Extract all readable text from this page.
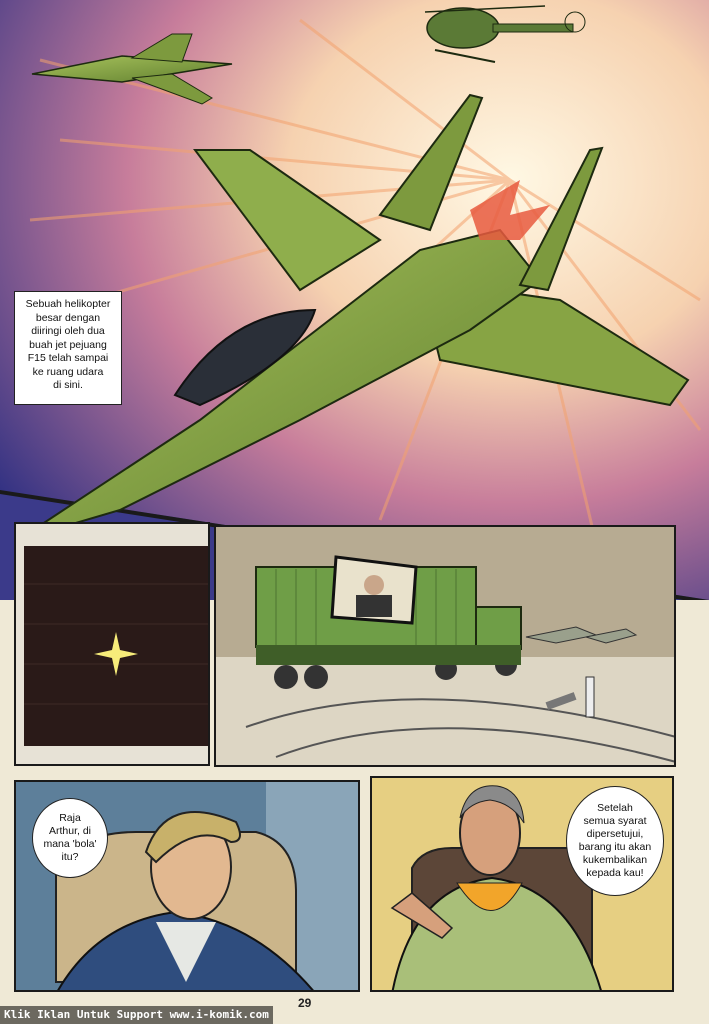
Sebuah helikopter
besar dengan
diiringi oleh dua
buah jet pejuang
F15 telah sampai
ke ruang udara
di sini.
Raja
Arthur, di
mana 'bola'
itu?
Setelah
semua syarat
dipersetujui,
barang itu akan
kukembalikan
kepada kau!
29
Klik Iklan Untuk Support www.i-komik.com
